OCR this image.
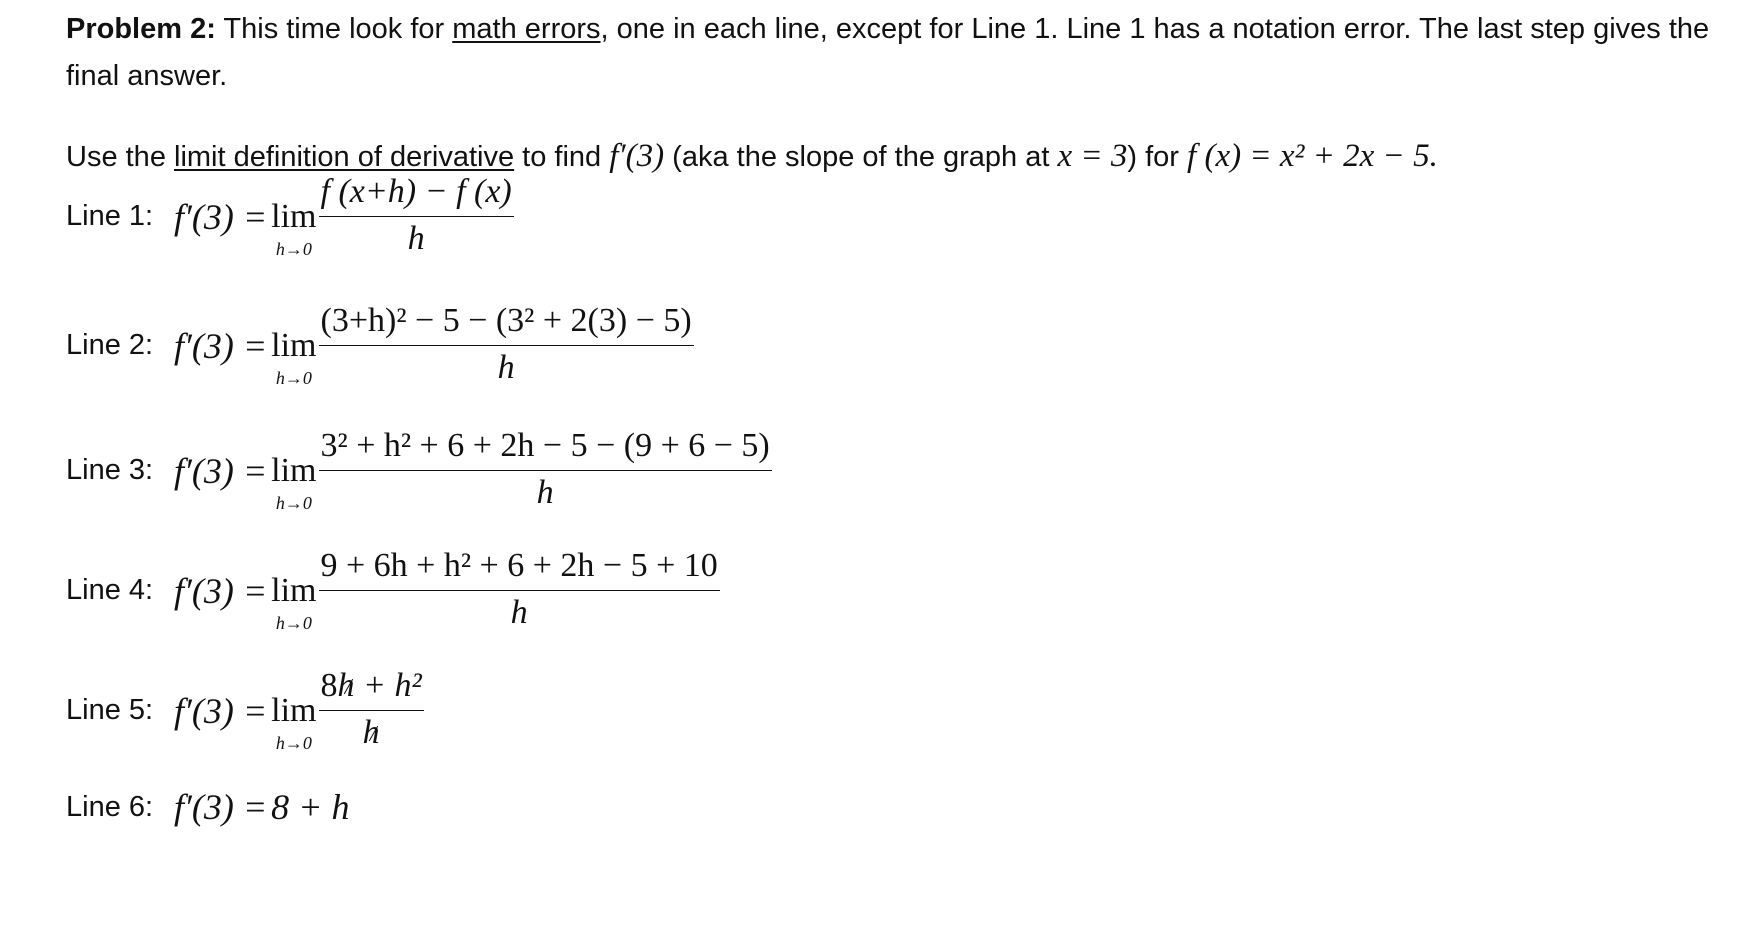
Problem 2: This time look for math errors, one in each line, except for Line 1. Line 1 has a notation error. The last step gives the final answer.
Use the limit definition of derivative to find f′(3) (aka the slope of the graph at x = 3) for f (x) = x² + 2x − 5.
Line 1: f′(3) = lim
$h\to 0 \frac{f (x+h) - f (x)}{h}$
Line 2: f′(3) = lim
$h\to 0 \frac{\text{(3+h)² − 5 − (3² + 2(3) − 5)}}{h}$
Line 3: f′(3) = lim
$h\to 0 \frac{\text{3² + h² + 6 + 2h − 5 − (9 + 6 − 5)}}{h}$
Line 4: f′(3) = lim
$h\to 0 \frac{\text{9 + 6h + h² + 6 + 2h − 5 + 10}}{h}$
Line 5: f′(3) = lim
$h\to 0 \frac{\text{8h + h²}}{h}$
Line 6: f′(3) = 8 + h
